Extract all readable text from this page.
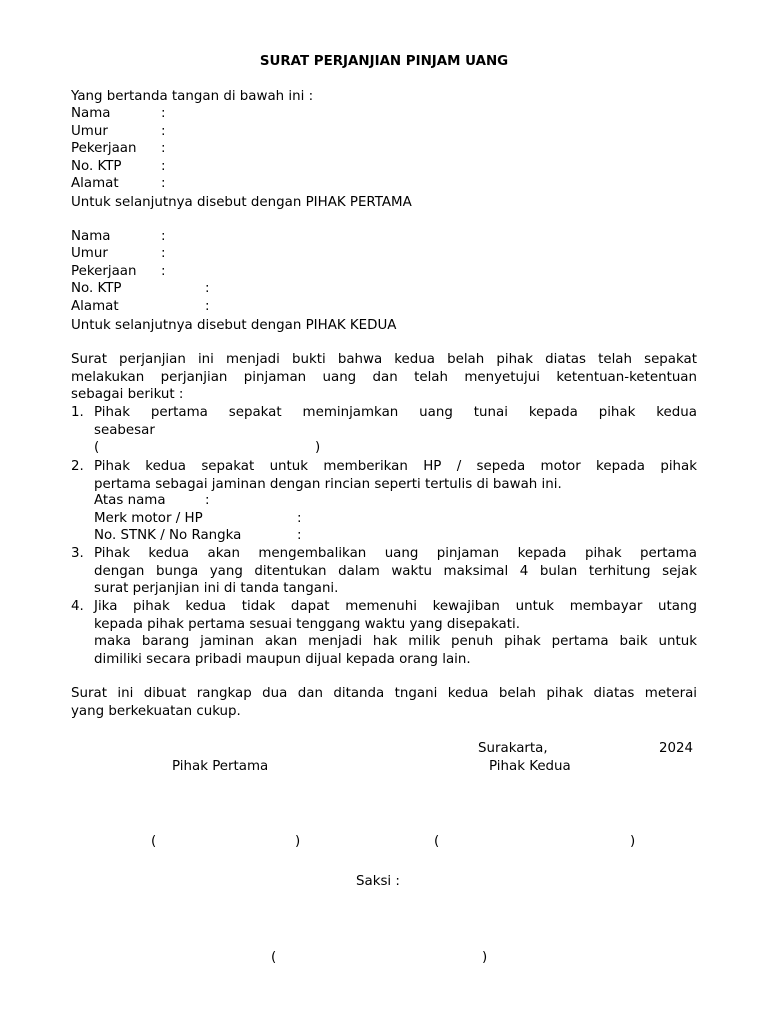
SURAT PERJANJIAN PINJAM UANG
Yang bertanda tangan di bawah ini :
Nama	:
Umur	:
Pekerjaan :
No. KTP	:
Alamat	:
Untuk selanjutnya disebut dengan PIHAK PERTAMA
Nama	:
Umur	:
Pekerjaan :
No. KTP	:
Alamat	:
Untuk selanjutnya disebut dengan PIHAK KEDUA
Surat perjanjian ini menjadi bukti bahwa kedua belah pihak diatas telah sepakat
melakukan perjanjian pinjaman uang dan telah menyetujui ketentuan-ketentuan
sebagai berikut :
1. Pihak pertama sepakat meminjamkan uang tunai kepada pihak kedua
seabesar
(	)
2. Pihak kedua sepakat untuk memberikan HP / sepeda motor kepada pihak
pertama sebagai jaminan dengan rincian seperti tertulis di bawah ini.
Atas nama	:
Merk motor / HP	:
No. STNK / No Rangka	:
3. Pihak kedua akan mengembalikan uang pinjaman kepada pihak pertama
dengan bunga yang ditentukan dalam waktu maksimal 4 bulan terhitung sejak
surat perjanjian ini di tanda tangani.
4. Jika pihak kedua tidak dapat memenuhi kewajiban untuk membayar utang
kepada pihak pertama sesuai tenggang waktu yang disepakati.
maka barang jaminan akan menjadi hak milik penuh pihak pertama baik untuk
dimiliki secara pribadi maupun dijual kepada orang lain.
Surat ini dibuat rangkap dua dan ditanda tngani kedua belah pihak diatas meterai
yang berkekuatan cukup.
Surakarta,	2024
Pihak Pertama	Pihak Kedua
(	)	(	)
Saksi :
(	)
